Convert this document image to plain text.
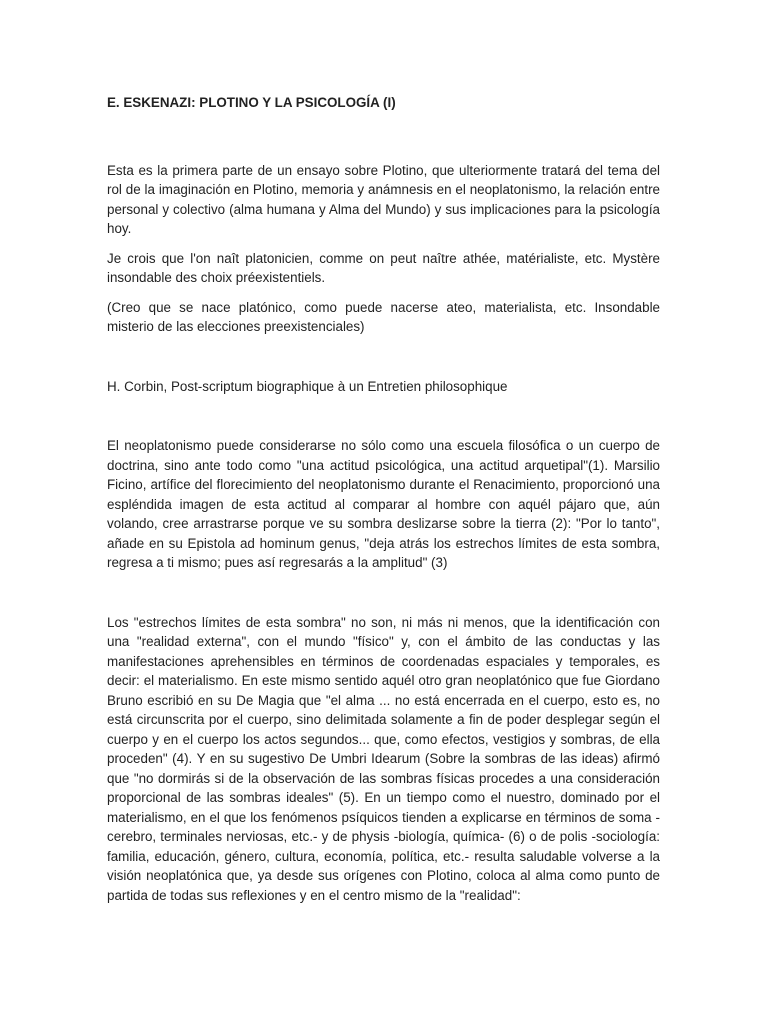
E. ESKENAZI: PLOTINO Y LA PSICOLOGÍA (I)

Esta es la primera parte de un ensayo sobre Plotino, que ulteriormente tratará del tema del rol de la imaginación en Plotino, memoria y anámnesis en el neoplatonismo, la relación entre personal y colectivo (alma humana y Alma del Mundo) y sus implicaciones para la psicología hoy.

Je crois que l'on naît platonicien, comme on peut naître athée, matérialiste, etc. Mystère insondable des choix préexistentiels.

(Creo que se nace platónico, como puede nacerse ateo, materialista, etc. Insondable misterio de las elecciones preexistenciales)

H. Corbin, Post-scriptum biographique à un Entretien philosophique

El neoplatonismo puede considerarse no sólo como una escuela filosófica o un cuerpo de doctrina, sino ante todo como "una actitud psicológica, una actitud arquetipal"(1). Marsilio Ficino, artífice del florecimiento del neoplatonismo durante el Renacimiento, proporcionó una espléndida imagen de esta actitud al comparar al hombre con aquél pájaro que, aún volando, cree arrastrarse porque ve su sombra deslizarse sobre la tierra (2): "Por lo tanto", añade en su Epistola ad hominum genus, "deja atrás los estrechos límites de esta sombra, regresa a ti mismo; pues así regresarás a la amplitud" (3)

Los "estrechos límites de esta sombra" no son, ni más ni menos, que la identificación con una "realidad externa", con el mundo "físico" y, con el ámbito de las conductas y las manifestaciones aprehensibles en términos de coordenadas espaciales y temporales, es decir: el materialismo. En este mismo sentido aquél otro gran neoplatónico que fue Giordano Bruno escribió en su De Magia que "el alma ... no está encerrada en el cuerpo, esto es, no está circunscrita por el cuerpo, sino delimitada solamente a fin de poder desplegar según el cuerpo y en el cuerpo los actos segundos... que, como efectos, vestigios y sombras, de ella proceden" (4). Y en su sugestivo De Umbri Idearum (Sobre la sombras de las ideas) afirmó que "no dormirás si de la observación de las sombras físicas procedes a una consideración proporcional de las sombras ideales" (5). En un tiempo como el nuestro, dominado por el materialismo, en el que los fenómenos psíquicos tienden a explicarse en términos de soma -cerebro, terminales nerviosas, etc.- y de physis -biología, química- (6) o de polis -sociología: familia, educación, género, cultura, economía, política, etc.- resulta saludable volverse a la visión neoplatónica que, ya desde sus orígenes con Plotino, coloca al alma como punto de partida de todas sus reflexiones y en el centro mismo de la "realidad":
